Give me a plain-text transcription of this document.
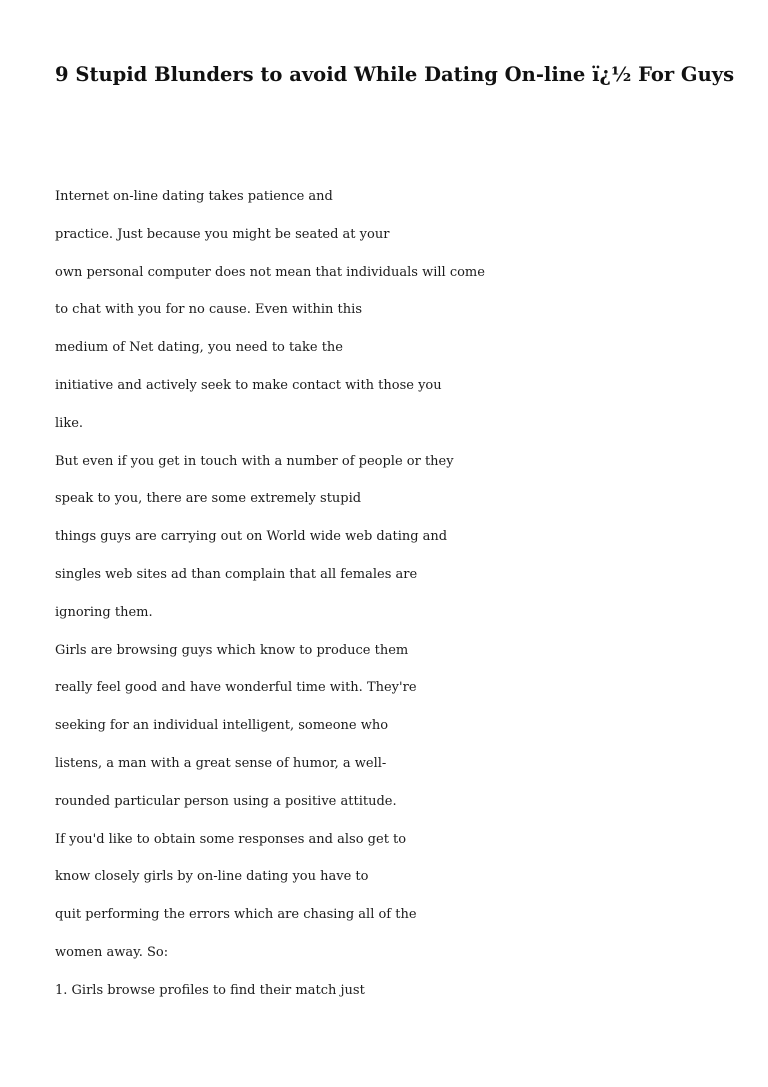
9 Stupid Blunders to avoid While Dating On-line ï¿½ For Guys

Internet on-line dating takes patience and

practice. Just because you might be seated at your

own personal computer does not mean that individuals will come

to chat with you for no cause. Even within this

medium of Net dating, you need to take the

initiative and actively seek to make contact with those you

like.

But even if you get in touch with a number of people or they

speak to you, there are some extremely stupid

things guys are carrying out on World wide web dating and

singles web sites ad than complain that all females are

ignoring them.

Girls are browsing guys which know to produce them

really feel good and have wonderful time with. They're

seeking for an individual intelligent, someone who

listens, a man with a great sense of humor, a well-

rounded particular person using a positive attitude.

If you'd like to obtain some responses and also get to

know closely girls by on-line dating you have to

quit performing the errors which are chasing all of the

women away. So:

1. Girls browse profiles to find their match just
